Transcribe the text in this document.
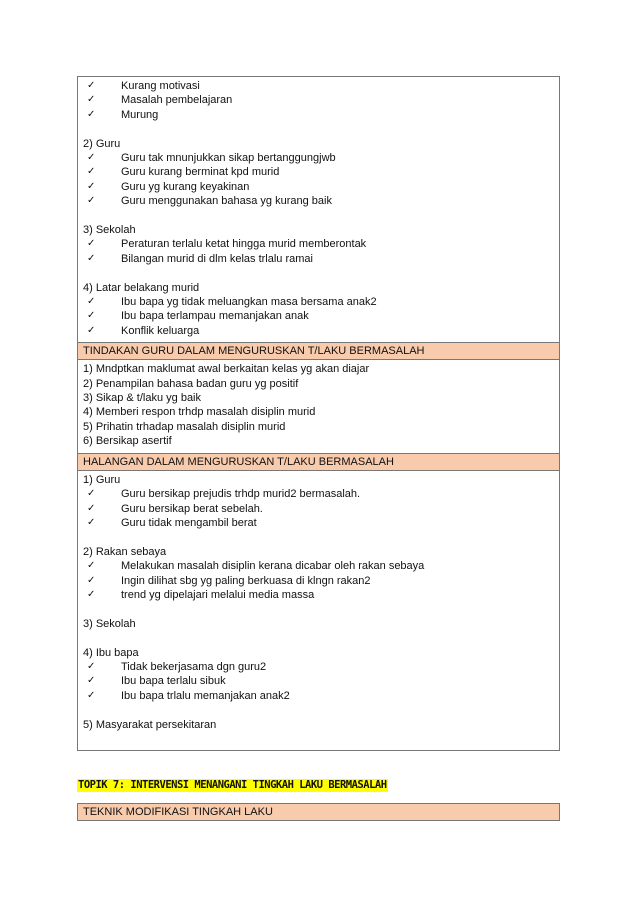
✓ Kurang motivasi
✓ Masalah pembelajaran
✓ Murung
2) Guru
✓ Guru tak mnunjukkan sikap bertanggungjwb
✓ Guru kurang berminat kpd murid
✓ Guru yg kurang keyakinan
✓ Guru menggunakan bahasa yg kurang baik
3) Sekolah
✓ Peraturan terlalu ketat hingga murid memberontak
✓ Bilangan murid di dlm kelas trlalu ramai
4) Latar belakang murid
✓ Ibu bapa yg tidak meluangkan masa bersama anak2
✓ Ibu bapa terlampau memanjakan anak
✓ Konflik keluarga
TINDAKAN GURU DALAM MENGURUSKAN T/LAKU BERMASALAH
1) Mndptkan maklumat awal berkaitan kelas yg akan diajar
2) Penampilan bahasa badan guru yg positif
3) Sikap & t/laku yg baik
4) Memberi respon trhdp masalah disiplin murid
5) Prihatin trhadap masalah disiplin murid
6) Bersikap asertif
HALANGAN DALAM MENGURUSKAN T/LAKU BERMASALAH
1) Guru
✓ Guru bersikap prejudis trhdp murid2 bermasalah.
✓ Guru bersikap berat sebelah.
✓ Guru tidak mengambil berat
2) Rakan sebaya
✓ Melakukan masalah disiplin kerana dicabar oleh rakan sebaya
✓ Ingin dilihat sbg yg paling berkuasa di klngn rakan2
✓ trend yg dipelajari melalui media massa
3) Sekolah
4) Ibu bapa
✓ Tidak bekerjasama dgn guru2
✓ Ibu bapa terlalu sibuk
✓ Ibu bapa trlalu memanjakan anak2
5) Masyarakat persekitaran
TOPIK 7: INTERVENSI MENANGANI TINGKAH LAKU BERMASALAH
TEKNIK MODIFIKASI TINGKAH LAKU
